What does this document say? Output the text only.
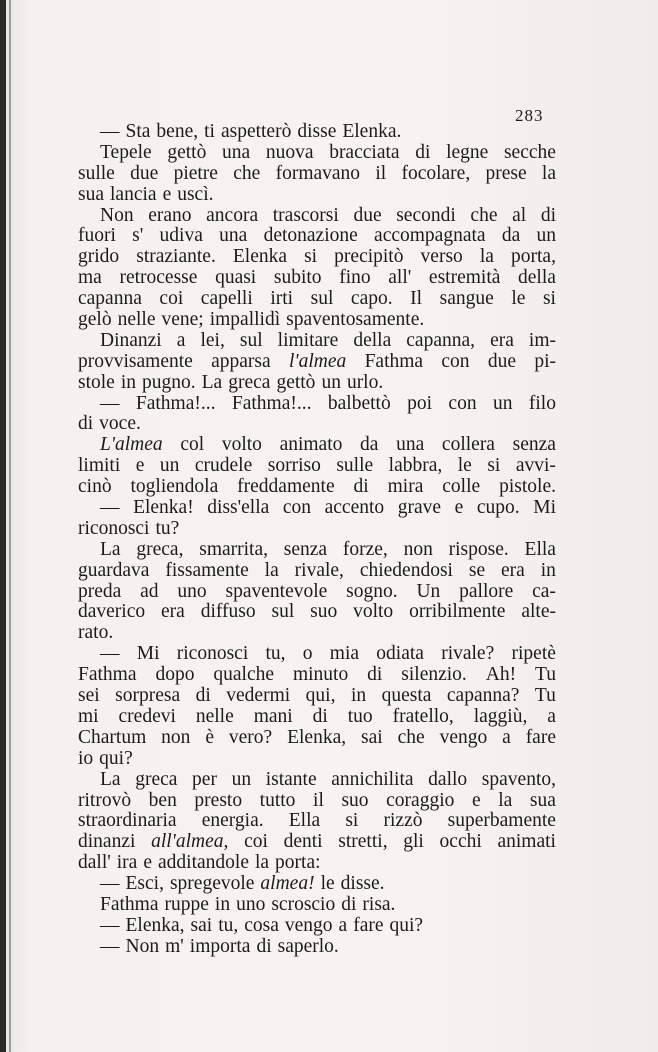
283
— Sta bene, ti aspetterò disse Elenka.
Tepele gettò una nuova bracciata di legne secche
sulle due pietre che formavano il focolare, prese la
sua lancia e uscì.
Non erano ancora trascorsi due secondi che al di
fuori s' udiva una detonazione accompagnata da un
grido straziante. Elenka si precipitò verso la porta,
ma retrocesse quasi subito fino all' estremità della
capanna coi capelli irti sul capo. Il sangue le si
gelò nelle vene; impallidì spaventosamente.
Dinanzi a lei, sul limitare della capanna, era im-
provvisamente apparsa l'almea Fathma con due pi-
stole in pugno. La greca gettò un urlo.
— Fathma!... Fathma!... balbettò poi con un filo
di voce.
L'almea col volto animato da una collera senza
limiti e un crudele sorriso sulle labbra, le si avvi-
cinò togliendola freddamente di mira colle pistole.
— Elenka! diss'ella con accento grave e cupo. Mi
riconosci tu?
La greca, smarrita, senza forze, non rispose. Ella
guardava fissamente la rivale, chiedendosi se era in
preda ad uno spaventevole sogno. Un pallore ca-
daverico era diffuso sul suo volto orribilmente alte-
rato.
— Mi riconosci tu, o mia odiata rivale? ripetè
Fathma dopo qualche minuto di silenzio. Ah! Tu
sei sorpresa di vedermi qui, in questa capanna? Tu
mi credevi nelle mani di tuo fratello, laggiù, a
Chartum non è vero? Elenka, sai che vengo a fare
io qui?
La greca per un istante annichilita dallo spavento,
ritrovò ben presto tutto il suo coraggio e la sua
straordinaria energia. Ella si rizzò superbamente
dinanzi all'almea, coi denti stretti, gli occhi animati
dall' ira e additandole la porta:
— Esci, spregevole almea! le disse.
Fathma ruppe in uno scroscio di risa.
— Elenka, sai tu, cosa vengo a fare qui?
— Non m' importa di saperlo.
